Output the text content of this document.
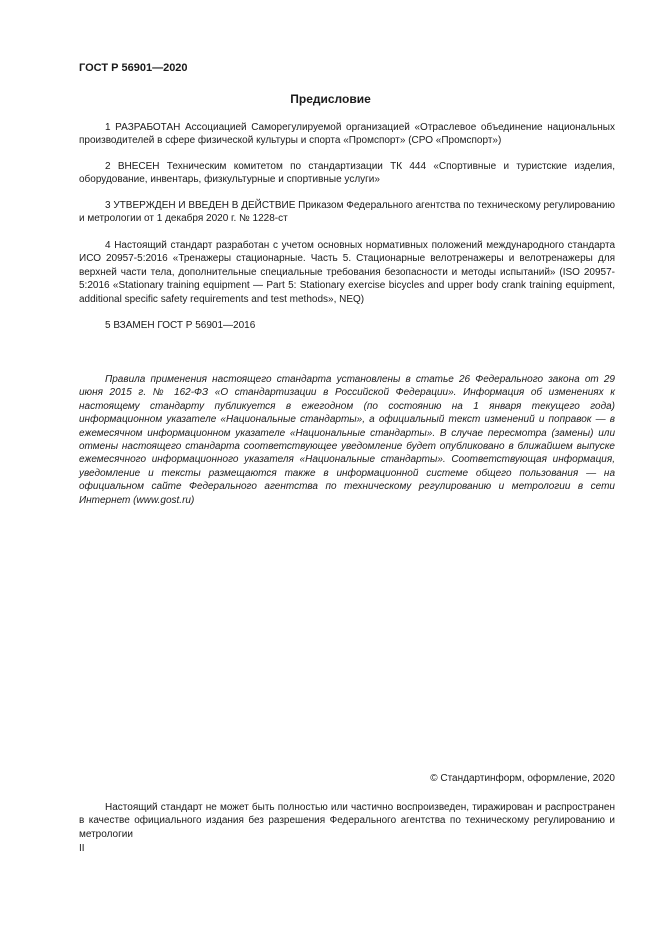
ГОСТ Р 56901—2020
Предисловие

1 РАЗРАБОТАН Ассоциацией Саморегулируемой организацией «Отраслевое объединение национальных производителей в сфере физической культуры и спорта «Промспорт» (СРО «Промспорт»)

2 ВНЕСЕН Техническим комитетом по стандартизации ТК 444 «Спортивные и туристские изделия, оборудование, инвентарь, физкультурные и спортивные услуги»

3 УТВЕРЖДЕН И ВВЕДЕН В ДЕЙСТВИЕ Приказом Федерального агентства по техническому регулированию и метрологии от 1 декабря 2020 г. № 1228-ст

4 Настоящий стандарт разработан с учетом основных нормативных положений международного стандарта ИСО 20957-5:2016 «Тренажеры стационарные. Часть 5. Стационарные велотренажеры и велотренажеры для верхней части тела, дополнительные специальные требования безопасности и методы испытаний» (ISO 20957-5:2016 «Stationary training equipment — Part 5: Stationary exercise bicycles and upper body crank training equipment, additional specific safety requirements and test methods», NEQ)

5 ВЗАМЕН ГОСТ Р 56901—2016

Правила применения настоящего стандарта установлены в статье 26 Федерального закона от 29 июня 2015 г. № 162-ФЗ «О стандартизации в Российской Федерации». Информация об изменениях к настоящему стандарту публикуется в ежегодном (по состоянию на 1 января текущего года) информационном указателе «Национальные стандарты», а официальный текст изменений и поправок — в ежемесячном информационном указателе «Национальные стандарты». В случае пересмотра (замены) или отмены настоящего стандарта соответствующее уведомление будет опубликовано в ближайшем выпуске ежемесячного информационного указателя «Национальные стандарты». Соответствующая информация, уведомление и тексты размещаются также в информационной системе общего пользования — на официальном сайте Федерального агентства по техническому регулированию и метрологии в сети Интернет (www.gost.ru)

© Стандартинформ, оформление, 2020

Настоящий стандарт не может быть полностью или частично воспроизведен, тиражирован и распространен в качестве официального издания без разрешения Федерального агентства по техническому регулированию и метрологии

II
